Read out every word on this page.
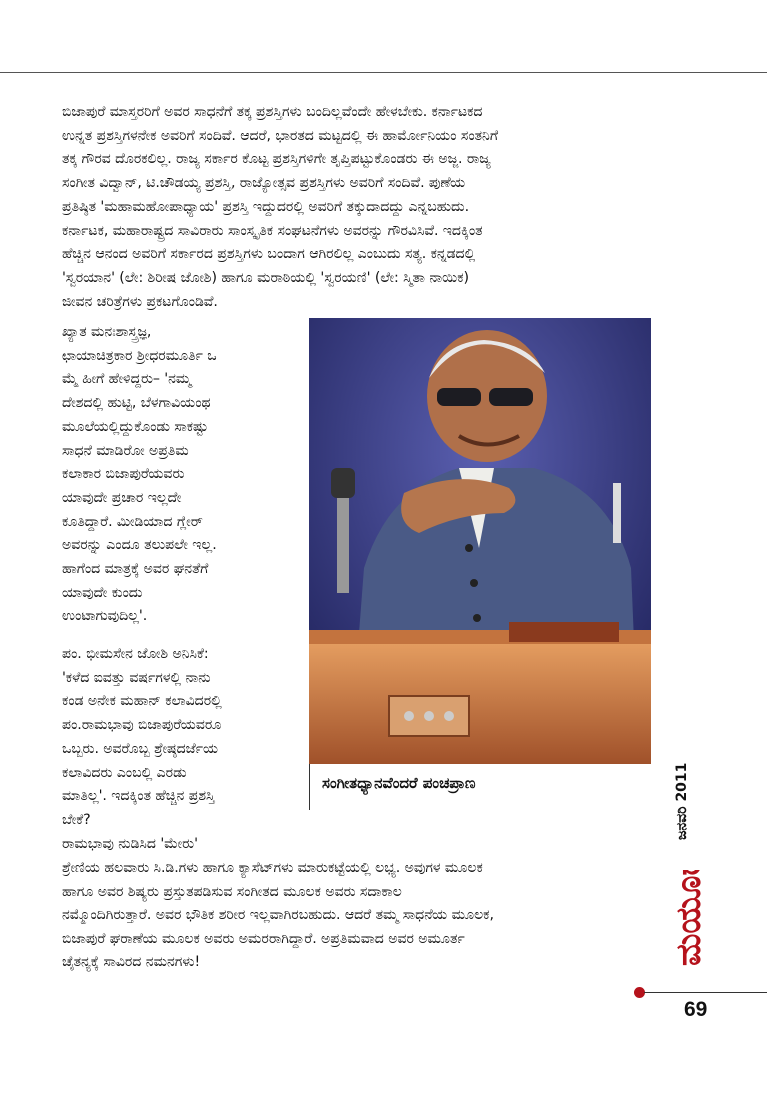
ಬಿಜಾಪುರೆ ಮಾಸ್ತರರಿಗೆ ಅವರ ಸಾಧನೆಗೆ ತಕ್ಕ ಪ್ರಶಸ್ತಿಗಳು ಬಂದಿಲ್ಲವೆಂದೇ ಹೇಳಬೇಕು. ಕರ್ನಾಟಕದ
ಉನ್ನತ ಪ್ರಶಸ್ತಿಗಳನೇಕ ಅವರಿಗೆ ಸಂದಿವೆ. ಆದರೆ, ಭಾರತದ ಮಟ್ಟದಲ್ಲಿ ಈ ಹಾರ್ಮೋನಿಯಂ ಸಂತನಿಗೆ
ತಕ್ಕ ಗೌರವ ದೊರಕಲಿಲ್ಲ. ರಾಜ್ಯ ಸರ್ಕಾರ ಕೊಟ್ಟ ಪ್ರಶಸ್ತಿಗಳಿಗೇ ತೃಪ್ತಿಪಟ್ಟುಕೊಂಡರು ಈ ಅಜ್ಜ. ರಾಜ್ಯ
ಸಂಗೀತ ವಿದ್ವಾನ್, ಟಿ.ಚೌಡಯ್ಯ ಪ್ರಶಸ್ತಿ, ರಾಜ್ಯೋತ್ಸವ ಪ್ರಶಸ್ತಿಗಳು ಅವರಿಗೆ ಸಂದಿವೆ. ಪುಣೆಯ
ಪ್ರತಿಷ್ಠಿತ 'ಮಹಾಮಹೋಪಾಧ್ಯಾಯ' ಪ್ರಶಸ್ತಿ ಇದ್ದುದರಲ್ಲಿ ಅವರಿಗೆ ತಕ್ಕುದಾದದ್ದು ಎನ್ನಬಹುದು.
ಕರ್ನಾಟಕ, ಮಹಾರಾಷ್ಟ್ರದ ಸಾವಿರಾರು ಸಾಂಸ್ಕೃತಿಕ ಸಂಘಟನೆಗಳು ಅವರನ್ನು ಗೌರವಿಸಿವೆ. ಇದಕ್ಕಿಂತ
ಹೆಚ್ಚಿನ ಆನಂದ ಅವರಿಗೆ ಸರ್ಕಾರದ ಪ್ರಶಸ್ತಿಗಳು ಬಂದಾಗ ಆಗಿರಲಿಲ್ಲ ಎಂಬುದು ಸತ್ಯ. ಕನ್ನಡದಲ್ಲಿ
'ಸ್ವರಯಾನ' (ಲೇ: ಶಿರೀಷ ಜೋಶಿ) ಹಾಗೂ ಮರಾಠಿಯಲ್ಲಿ 'ಸ್ವರಯಣಿ' (ಲೇ: ಸ್ಮಿತಾ ನಾಯಿಕ)
ಜೀವನ ಚರಿತ್ರೆಗಳು ಪ್ರಕಟಗೊಂಡಿವೆ.
ಖ್ಯಾತ ಮನಃಶಾಸ್ತ್ರಜ್ಞ,
ಛಾಯಾಚಿತ್ರಕಾರ ಶ್ರೀಧರಮೂರ್ತಿ ಒ
ಮ್ಮೆ ಹೀಗೆ ಹೇಳಿದ್ದರು– 'ನಮ್ಮ
ದೇಶದಲ್ಲಿ ಹುಟ್ಟಿ, ಬೆಳಗಾವಿಯಂಥ
ಮೂಲೆಯಲ್ಲಿದ್ದುಕೊಂಡು ಸಾಕಷ್ಟು
ಸಾಧನೆ ಮಾಡಿರೋ ಅಪ್ರತಿಮ
ಕಲಾಕಾರ ಬಿಜಾಪುರೆಯವರು
ಯಾವುದೇ ಪ್ರಚಾರ ಇಲ್ಲದೇ
ಕೂತಿದ್ದಾರೆ. ಮೀಡಿಯಾದ ಗ್ಲೇರ್
ಅವರನ್ನು ಎಂದೂ ತಲುಪಲೇ ಇಲ್ಲ.
ಹಾಗೆಂದ ಮಾತ್ರಕ್ಕೆ ಅವರ ಘನತೆಗೆ
ಯಾವುದೇ ಕುಂದು
ಉಂಟಾಗುವುದಿಲ್ಲ'.
ಪಂ. ಭೀಮಸೇನ ಜೋಶಿ ಅನಿಸಿಕೆ:
'ಕಳೆದ ಐವತ್ತು ವರ್ಷಗಳಲ್ಲಿ ನಾನು
ಕಂಡ ಅನೇಕ ಮಹಾನ್ ಕಲಾವಿದರಲ್ಲಿ
ಪಂ.ರಾಮಭಾವು ಬಿಜಾಪುರೆಯವರೂ
ಒಬ್ಬರು. ಅವರೊಬ್ಬ ಶ್ರೇಷ್ಠದರ್ಜೆಯ
ಕಲಾವಿದರು ಎಂಬಲ್ಲಿ ಎರಡು
ಮಾತಿಲ್ಲ'. ಇದಕ್ಕಿಂತ ಹೆಚ್ಚಿನ ಪ್ರಶಸ್ತಿ
ಬೇಕೆ?
ರಾಮಭಾವು ನುಡಿಸಿದ 'ಮೇರು'
ಶ್ರೇಣಿಯ ಹಲವಾರು ಸಿ.ಡಿ.ಗಳು ಹಾಗೂ ಕ್ಯಾಸೆಟ್‌ಗಳು ಮಾರುಕಟ್ಟೆಯಲ್ಲಿ ಲಭ್ಯ. ಅವುಗಳ ಮೂಲಕ
ಹಾಗೂ ಅವರ ಶಿಷ್ಯರು ಪ್ರಸ್ತುತಪಡಿಸುವ ಸಂಗೀತದ ಮೂಲಕ ಅವರು ಸದಾಕಾಲ
ನಮ್ಮೊಂದಿಗಿರುತ್ತಾರೆ. ಅವರ ಭೌತಿಕ ಶರೀರ ಇಲ್ಲವಾಗಿರಬಹುದು. ಆದರೆ ತಮ್ಮ ಸಾಧನೆಯ ಮೂಲಕ,
ಬಿಜಾಪುರೆ ಘರಾಣೆಯ ಮೂಲಕ ಅವರು ಅಮರರಾಗಿದ್ದಾರೆ. ಅಪ್ರತಿಮವಾದ ಅವರ ಅಮೂರ್ತ
ಚೈತನ್ಯಕ್ಕೆ ಸಾವಿರದ ನಮನಗಳು!
ಸಂಗೀತಧ್ಯಾನವೆಂದರೆ ಪಂಚಪ್ರಾಣ	ಜನವರಿ 2011
ಮಯೂರ
69
